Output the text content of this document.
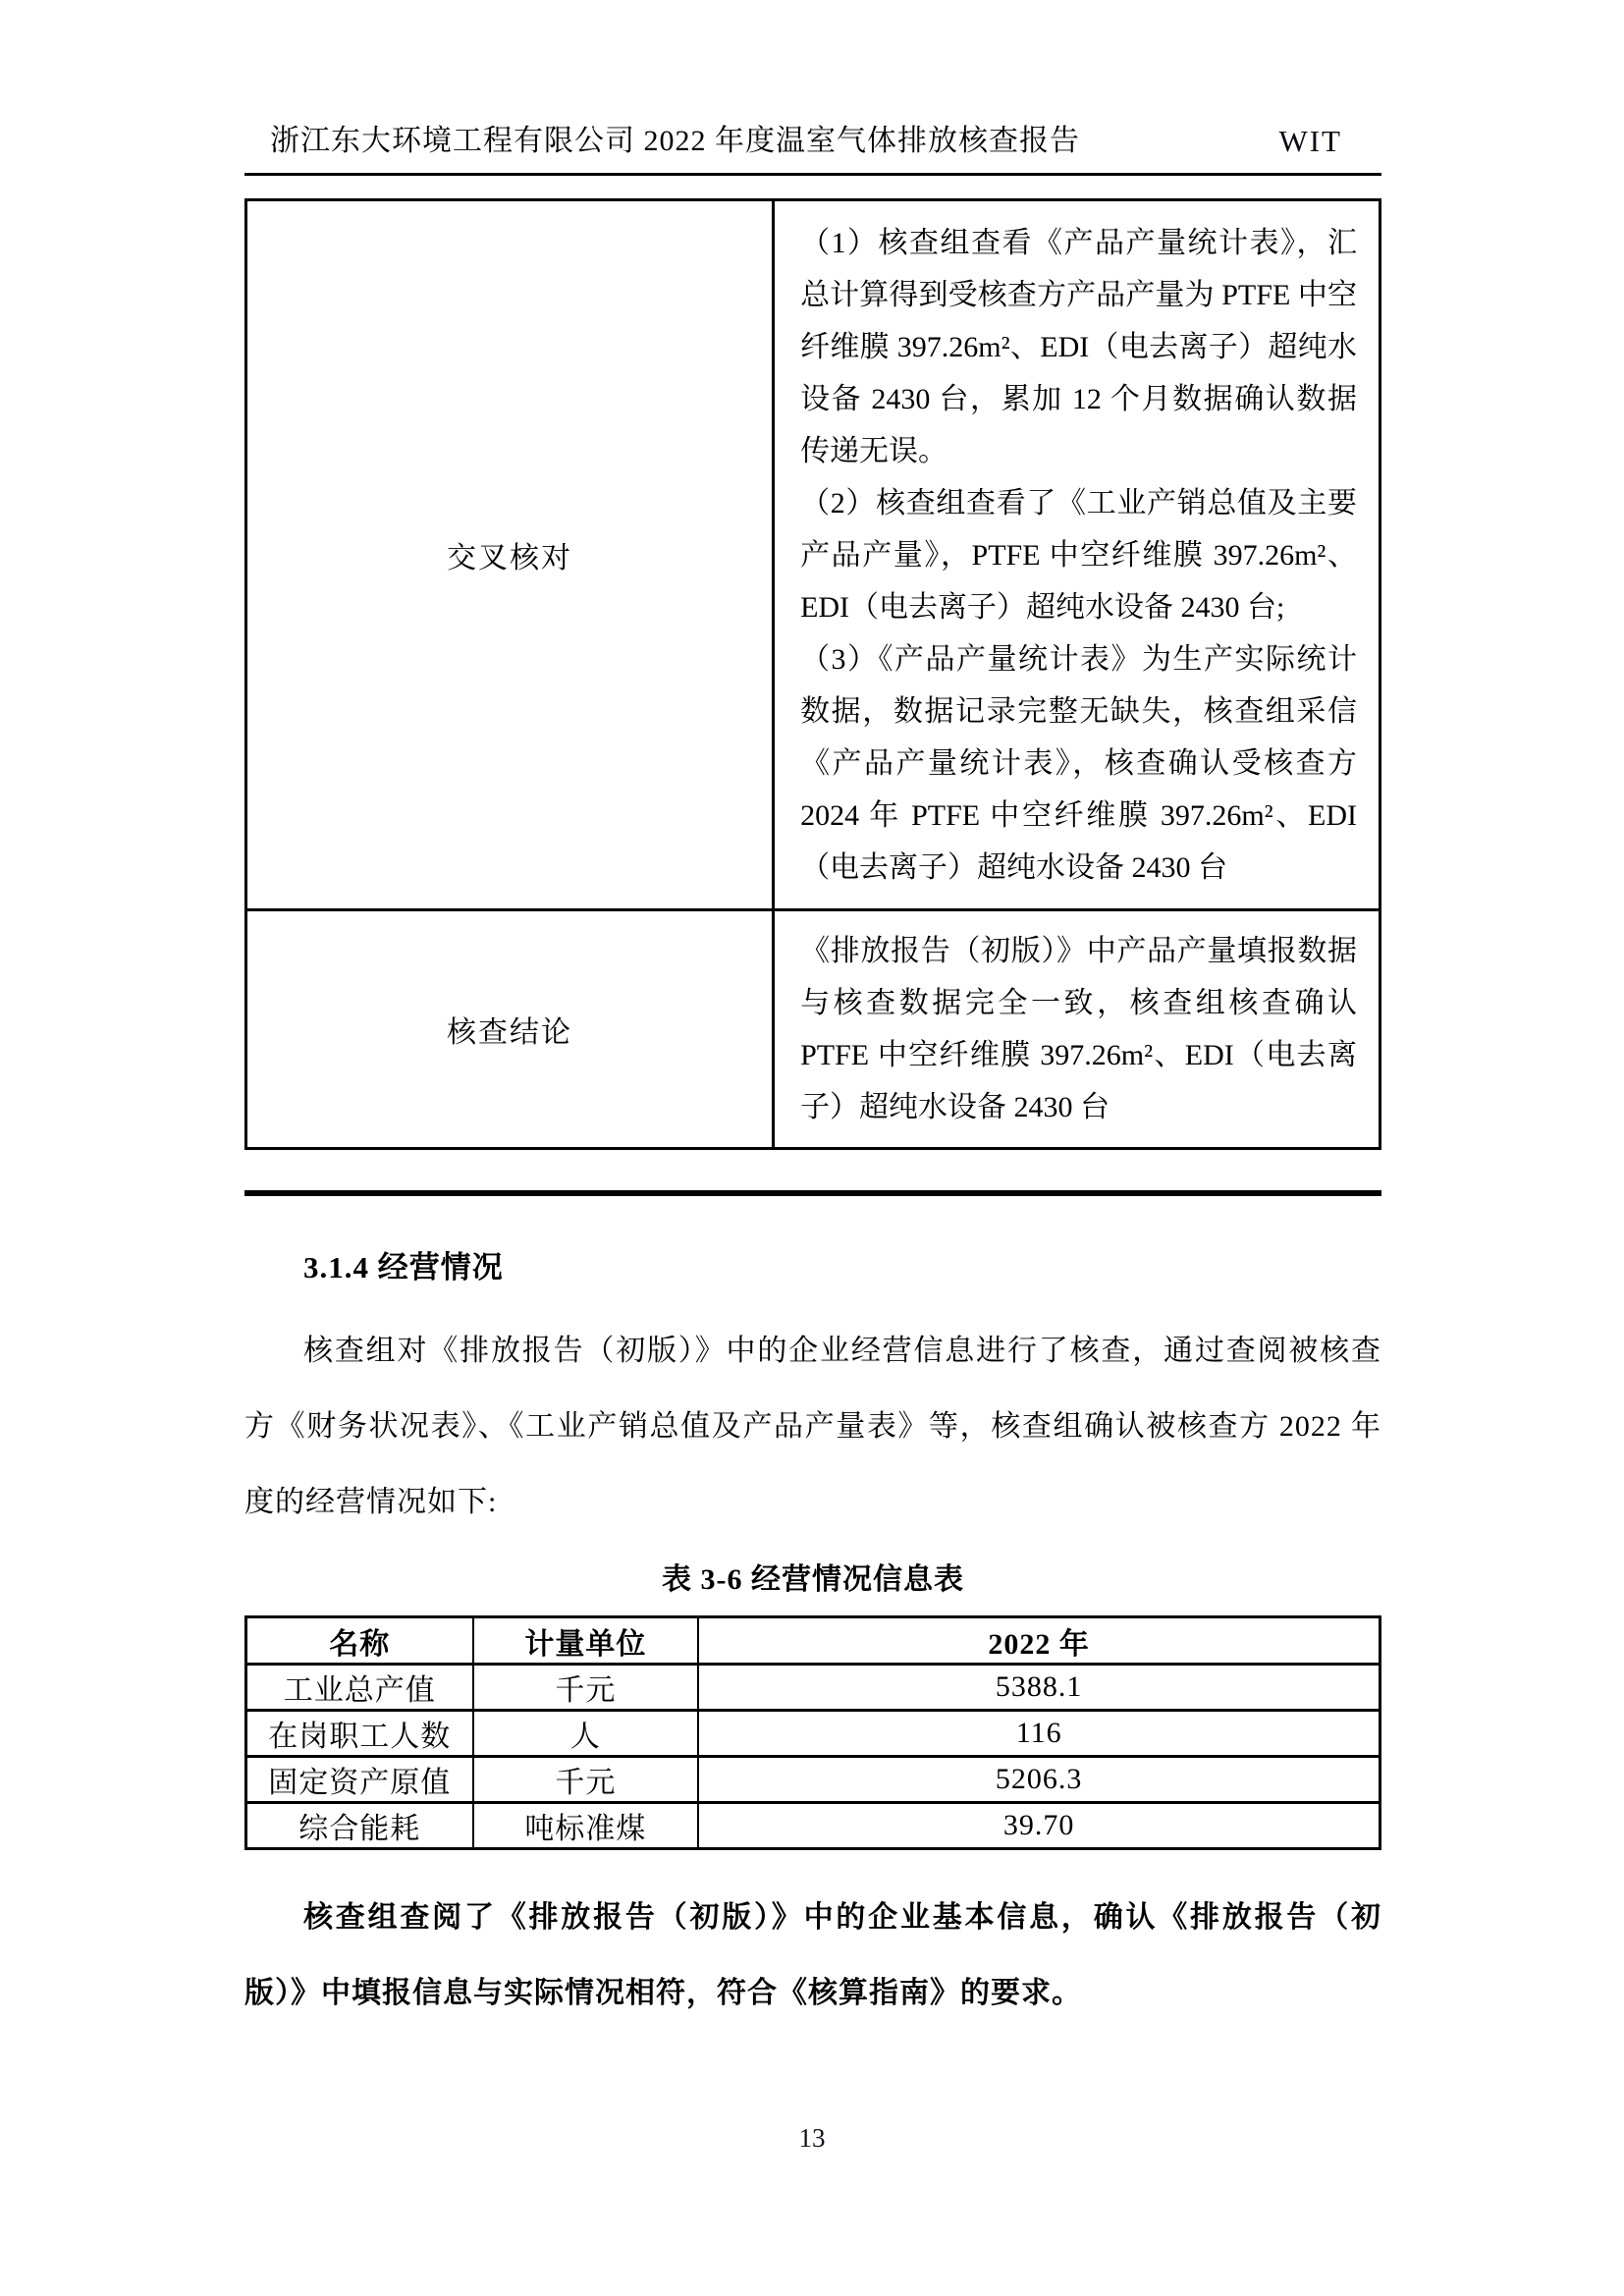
浙江东大环境工程有限公司 2022 年度温室气体排放核查报告	WIT
交叉核对	（1）核查组查看《产品产量统计表》，汇总计算得到受核查方产品产量为 PTFE 中空纤维膜 397.26m²、EDI（电去离子）超纯水设备 2430 台，累加 12 个月数据确认数据传递无误。

（2）核查组查看了《工业产销总值及主要产品产量》，PTFE 中空纤维膜 397.26m²、EDI（电去离子）超纯水设备 2430 台;

（3）《产品产量统计表》为生产实际统计数据，数据记录完整无缺失，核查组采信《产品产量统计表》，核查确认受核查方 2024 年 PTFE 中空纤维膜 397.26m²、EDI（电去离子）超纯水设备 2430 台

核查结论	《排放报告（初版）》中产品产量填报数据与核查数据完全一致，核查组核查确认 PTFE 中空纤维膜 397.26m²、EDI（电去离子）超纯水设备 2430 台

3.1.4 经营情况
核查组对《排放报告（初版）》中的企业经营信息进行了核查，通过查阅被核查方《财务状况表》、《工业产销总值及产品产量表》等，核查组确认被核查方 2022 年度的经营情况如下:
表 3-6 经营情况信息表
名称	计量单位	2022 年
工业总产值	千元	5388.1
在岗职工人数	人	116
固定资产原值	千元	5206.3
综合能耗	吨标准煤	39.70
核查组查阅了《排放报告（初版）》中的企业基本信息，确认《排放报告（初版）》中填报信息与实际情况相符，符合《核算指南》的要求。
13
